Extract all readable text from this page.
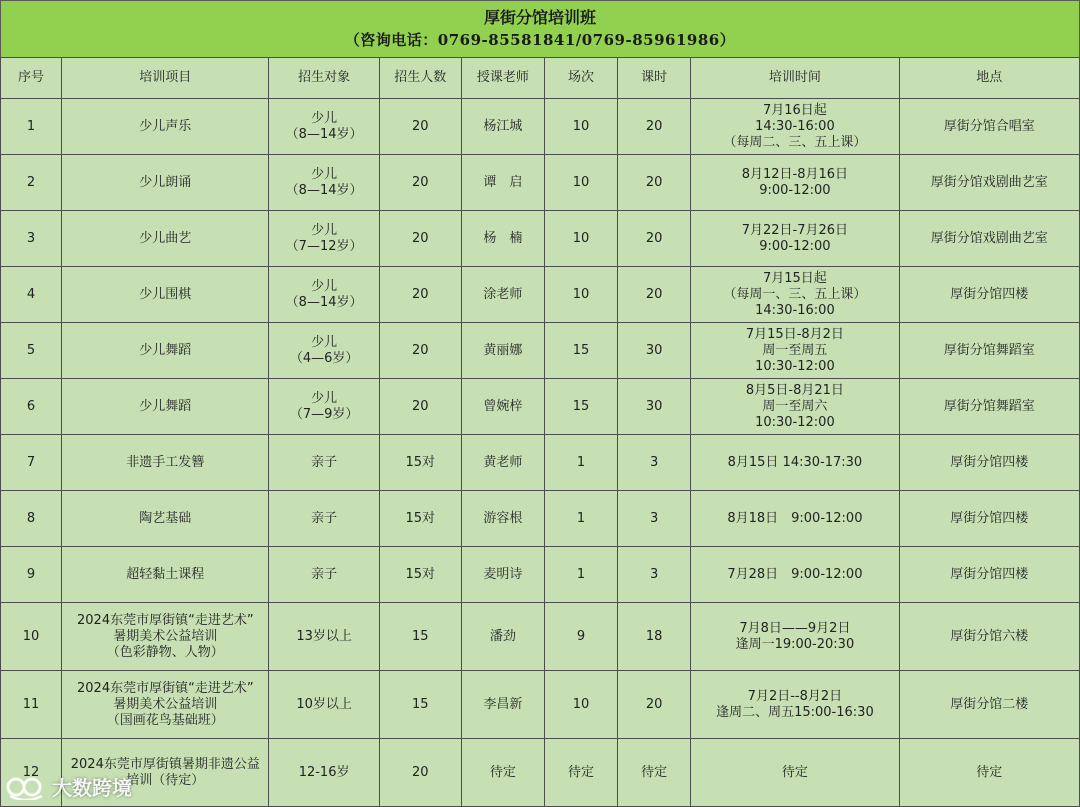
厚街分馆培训班
（咨询电话：0769-85581841/0769-85961986）
序号	培训项目	招生对象	招生人数	授课老师	场次	课时	培训时间	地点
1	少儿声乐	少儿
（8—14岁）	20	杨江城	10	20	7月16日起
14:30-16:00
（每周二、三、五上课）	厚街分馆合唱室
2	少儿朗诵	少儿
（8—14岁）	20	谭　启	10	20	8月12日-8月16日
9:00-12:00	厚街分馆戏剧曲艺室
3	少儿曲艺	少儿
（7—12岁）	20	杨　楠	10	20	7月22日-7月26日
9:00-12:00	厚街分馆戏剧曲艺室
4	少儿围棋	少儿
（8—14岁）	20	涂老师	10	20	7月15日起
（每周一、三、五上课）
14:30-16:00	厚街分馆四楼
5	少儿舞蹈	少儿
（4—6岁）	20	黄丽娜	15	30	7月15日-8月2日
周一至周五
10:30-12:00	厚街分馆舞蹈室
6	少儿舞蹈	少儿
（7—9岁）	20	曾婉梓	15	30	8月5日-8月21日
周一至周六
10:30-12:00	厚街分馆舞蹈室
7	非遗手工发簪	亲子	15对	黄老师	1	3	8月15日 14:30-17:30	厚街分馆四楼
8	陶艺基础	亲子	15对	游容根	1	3	8月18日　9:00-12:00	厚街分馆四楼
9	超轻黏土课程	亲子	15对	麦明诗	1	3	7月28日　9:00-12:00	厚街分馆四楼
10	2024东莞市厚街镇“走进艺术”
暑期美术公益培训
（色彩静物、人物）	13岁以上	15	潘劲	9	18	7月8日——9月2日
逢周一19:00-20:30	厚街分馆六楼
11	2024东莞市厚街镇“走进艺术”
暑期美术公益培训
（国画花鸟基础班）	10岁以上	15	李昌新	10	20	7月2日--8月2日
逢周二、周五15:00-16:30	厚街分馆二楼
12	2024东莞市厚街镇暑期非遗公益
培训（待定）	12-16岁	20	待定	待定	待定	待定	待定
大数跨境
